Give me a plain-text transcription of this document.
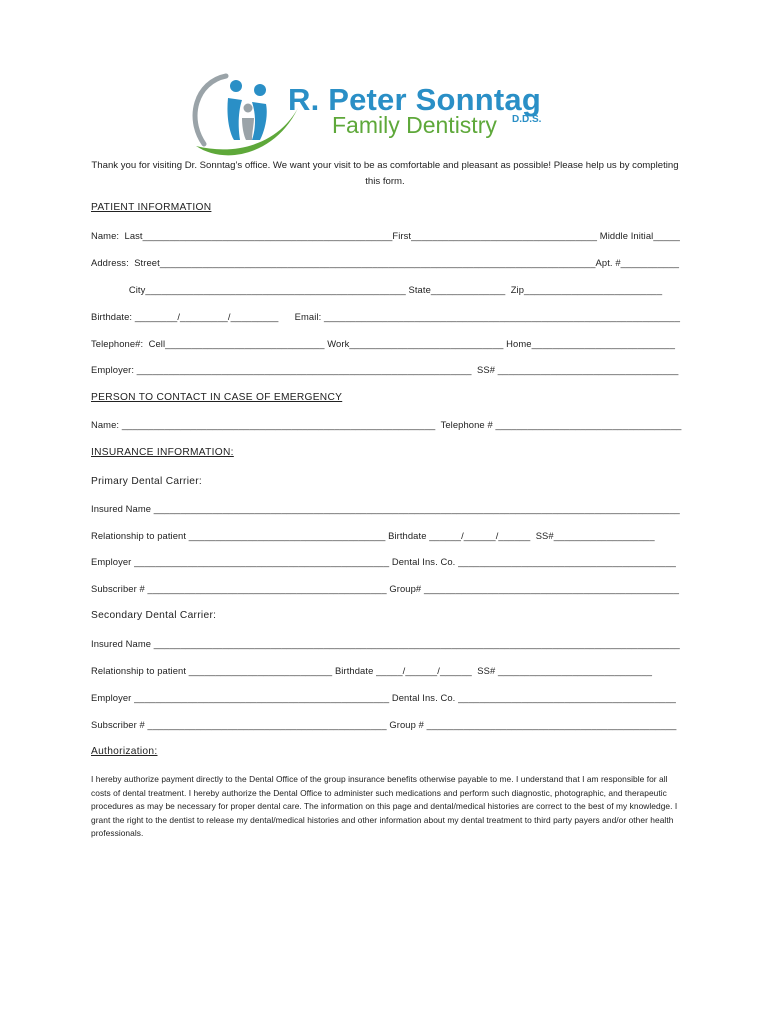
R. Peter Sonntag
Family Dentistry D.D.S.
Thank you for visiting Dr. Sonntag’s office. We want your visit to be as comfortable and pleasant as possible! Please help us by completing this form.
PATIENT INFORMATION
Name:  Last_______________________________________________First___________________________________ Middle Initial_____
Address:  Street__________________________________________________________________________________Apt. #___________
City_________________________________________________ State______________  Zip__________________________
Birthdate: ________/_________/_________      Email: ___________________________________________________________________
Telephone#:  Cell______________________________ Work_____________________________ Home___________________________
Employer: _______________________________________________________________  SS# __________________________________
PERSON TO CONTACT IN CASE OF EMERGENCY
Name: ___________________________________________________________  Telephone # ___________________________________
INSURANCE INFORMATION:
Primary Dental Carrier:
Insured Name ___________________________________________________________________________________________________
Relationship to patient _____________________________________ Birthdate ______/______/______  SS#___________________
Employer ________________________________________________ Dental Ins. Co. _________________________________________
Subscriber # _____________________________________________ Group# ________________________________________________
Secondary Dental Carrier:
Insured Name ___________________________________________________________________________________________________
Relationship to patient ___________________________ Birthdate _____/______/______  SS# _____________________________
Employer ________________________________________________ Dental Ins. Co. _________________________________________
Subscriber # _____________________________________________ Group # _______________________________________________
Authorization:
I hereby authorize payment directly to the Dental Office of the group insurance benefits otherwise payable to me. I understand that I am responsible for all costs of dental treatment. I hereby authorize the Dental Office to administer such medications and perform such diagnostic, photographic, and therapeutic procedures as may be necessary for proper dental care. The information on this page and dental/medical histories are correct to the best of my knowledge. I grant the right to the dentist to release my dental/medical histories and other information about my dental treatment to third party payers and/or other health professionals.
